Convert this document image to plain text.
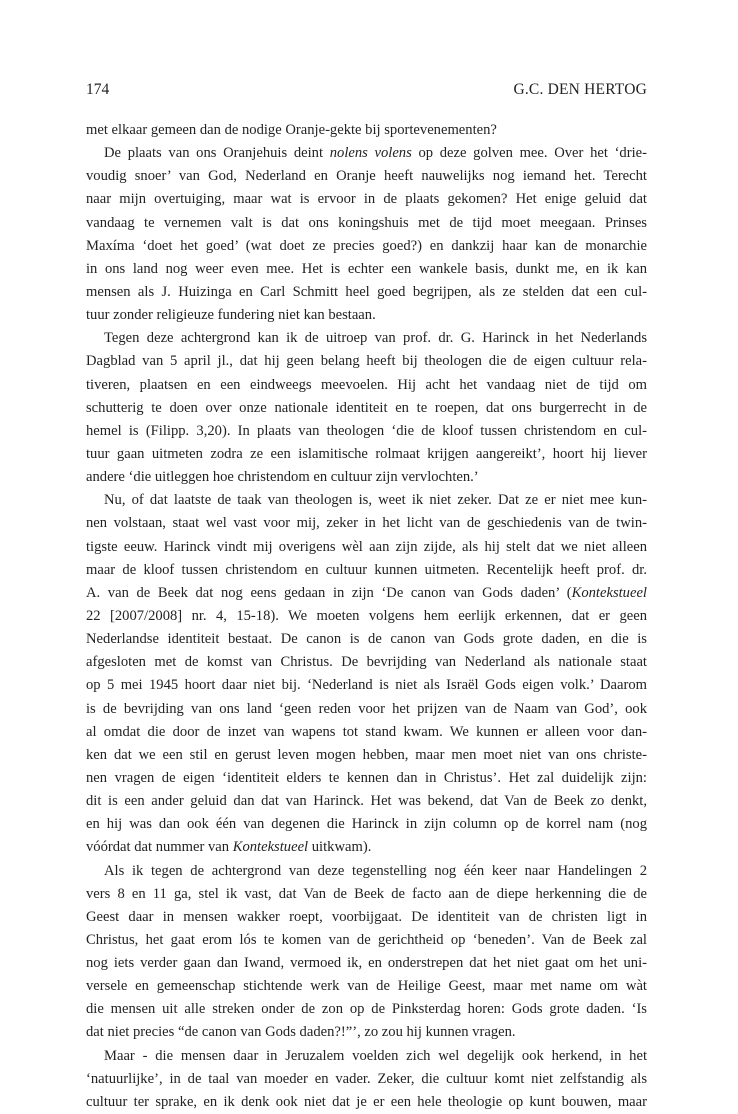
174	G.C. DEN HERTOG
met elkaar gemeen dan de nodige Oranje-gekte bij sportevenementen?
De plaats van ons Oranjehuis deint nolens volens op deze golven mee. Over het ‘drie-
voudig snoer’ van God, Nederland en Oranje heeft nauwelijks nog iemand het. Terecht
naar mijn overtuiging, maar wat is ervoor in de plaats gekomen? Het enige geluid dat
vandaag te vernemen valt is dat ons koningshuis met de tijd moet meegaan. Prinses
Maxíma ‘doet het goed’ (wat doet ze precies goed?) en dankzij haar kan de monarchie
in ons land nog weer even mee. Het is echter een wankele basis, dunkt me, en ik kan
mensen als J. Huizinga en Carl Schmitt heel goed begrijpen, als ze stelden dat een cul-
tuur zonder religieuze fundering niet kan bestaan.
Tegen deze achtergrond kan ik de uitroep van prof. dr. G. Harinck in het Nederlands
Dagblad van 5 april jl., dat hij geen belang heeft bij theologen die de eigen cultuur rela-
tiveren, plaatsen en een eindweegs meevoelen. Hij acht het vandaag niet de tijd om
schutterig te doen over onze nationale identiteit en te roepen, dat ons burgerrecht in de
hemel is (Filipp. 3,20). In plaats van theologen ‘die de kloof tussen christendom en cul-
tuur gaan uitmeten zodra ze een islamitische rolmaat krijgen aangereikt’, hoort hij liever
andere ‘die uitleggen hoe christendom en cultuur zijn vervlochten.’
Nu, of dat laatste de taak van theologen is, weet ik niet zeker. Dat ze er niet mee kun-
nen volstaan, staat wel vast voor mij, zeker in het licht van de geschiedenis van de twin-
tigste eeuw. Harinck vindt mij overigens wèl aan zijn zijde, als hij stelt dat we niet alleen
maar de kloof tussen christendom en cultuur kunnen uitmeten. Recentelijk heeft prof. dr.
A. van de Beek dat nog eens gedaan in zijn ‘De canon van Gods daden’ (Kontekstueel
22 [2007/2008] nr. 4, 15-18). We moeten volgens hem eerlijk erkennen, dat er geen
Nederlandse identiteit bestaat. De canon is de canon van Gods grote daden, en die is
afgesloten met de komst van Christus. De bevrijding van Nederland als nationale staat
op 5 mei 1945 hoort daar niet bij. ‘Nederland is niet als Israël Gods eigen volk.’ Daarom
is de bevrijding van ons land ‘geen reden voor het prijzen van de Naam van God’, ook
al omdat die door de inzet van wapens tot stand kwam. We kunnen er alleen voor dan-
ken dat we een stil en gerust leven mogen hebben, maar men moet niet van ons christe-
nen vragen de eigen ‘identiteit elders te kennen dan in Christus’. Het zal duidelijk zijn:
dit is een ander geluid dan dat van Harinck. Het was bekend, dat Van de Beek zo denkt,
en hij was dan ook één van degenen die Harinck in zijn column op de korrel nam (nog
vóórdat dat nummer van Kontekstueel uitkwam).
Als ik tegen de achtergrond van deze tegenstelling nog één keer naar Handelingen 2
vers 8 en 11 ga, stel ik vast, dat Van de Beek de facto aan de diepe herkenning die de
Geest daar in mensen wakker roept, voorbijgaat. De identiteit van de christen ligt in
Christus, het gaat erom lós te komen van de gerichtheid op ‘beneden’. Van de Beek zal
nog iets verder gaan dan Iwand, vermoed ik, en onderstrepen dat het niet gaat om het uni-
versele en gemeenschap stichtende werk van de Heilige Geest, maar met name om wàt
die mensen uit alle streken onder de zon op de Pinksterdag horen: Gods grote daden. ‘Is
dat niet precies “de canon van Gods daden?!”’, zo zou hij kunnen vragen.
Maar - die mensen daar in Jeruzalem voelden zich wel degelijk ook herkend, in het
‘natuurlijke’, in de taal van moeder en vader. Zeker, die cultuur komt niet zelfstandig als
cultuur ter sprake, en ik denk ook niet dat je er een hele theologie op kunt bouwen, maar
